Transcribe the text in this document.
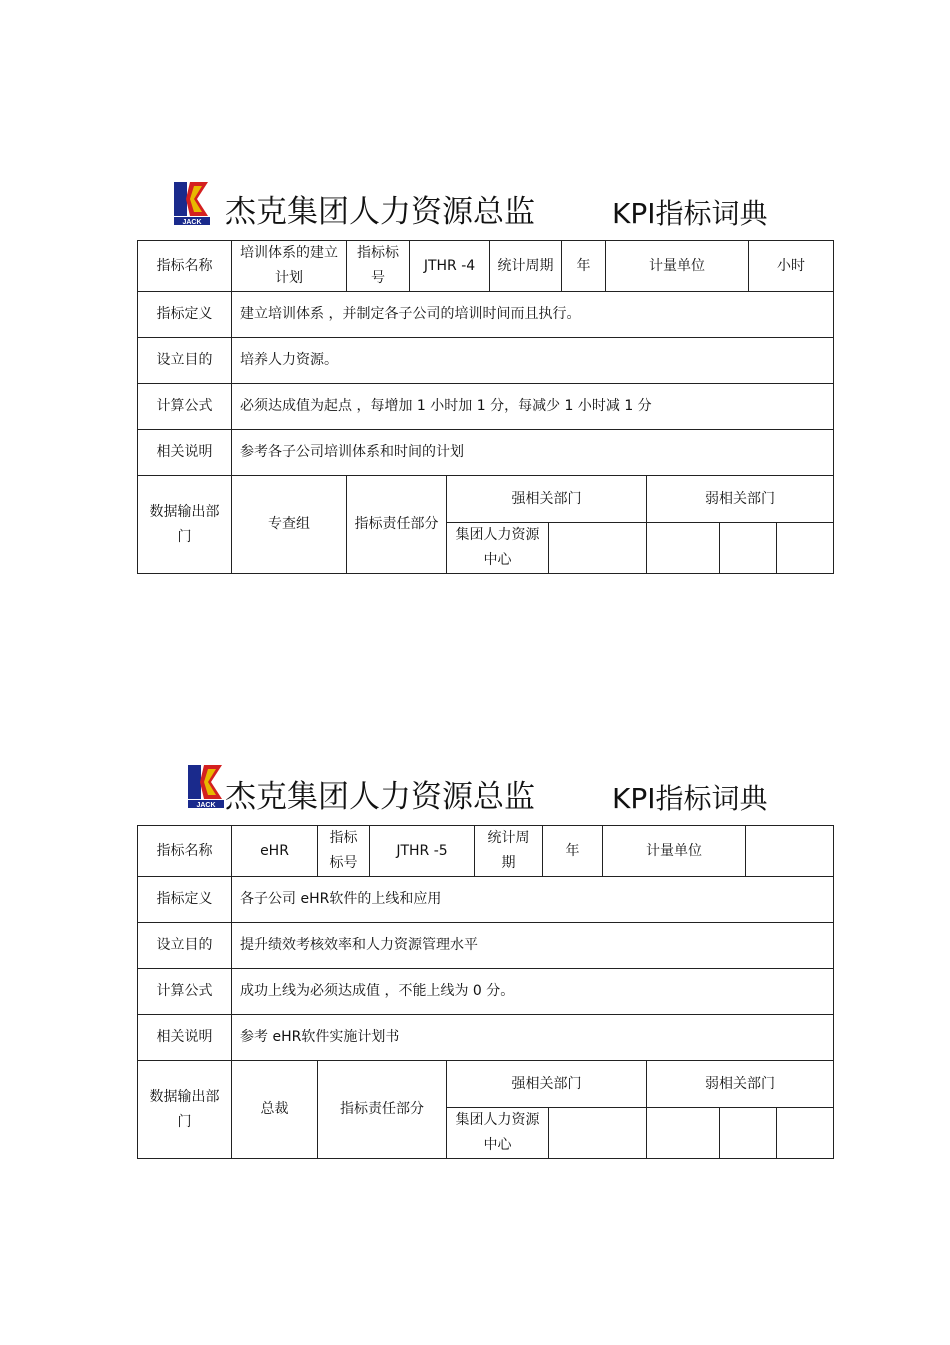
JACK 杰克集团人力资源总监	KPI指标词典
指标名称	培训体系的建立 计划	指标标号	JTHR -4	统计周期	年	计量单位	小时
指标定义	建立培训体系 ，并制定各子公司的培训时间而且执行。						
设立目的	培养人力资源。						
计算公式	必须达成值为起点 ，每增加 1 小时加 1 分，每减少 1 小时减 1 分						
相关说明	参考各子公司培训体系和时间的计划						
数据输出部门	专查组	指标责任部分	强相关部门		弱相关部门		
			集团人力资源中心				
JACK 杰克集团人力资源总监	KPI指标词典
指标名称	eHR	指标标号	JTHR -5	统计周期	年	计量单位	
指标定义	各子公司 eHR软件的上线和应用						
设立目的	提升绩效考核效率和人力资源管理水平						
计算公式	成功上线为必须达成值 ，不能上线为 0 分。						
相关说明	参考 eHR软件实施计划书						
数据输出部门	总裁	指标责任部分	强相关部门		弱相关部门		
			集团人力资源中心				
